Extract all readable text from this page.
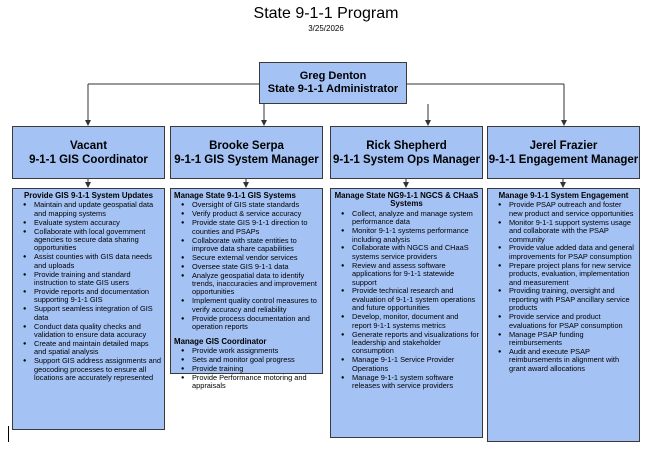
State 9-1-1 Program
3/25/2026
Greg Denton
State 9-1-1 Administrator
Vacant
9-1-1 GIS Coordinator
Brooke Serpa
9-1-1 GIS System Manager
Rick Shepherd
9-1-1 System Ops Manager
Jerel Frazier
9-1-1 Engagement Manager
Provide GIS 9-1-1 System Updates
● Maintain and update geospatial data and mapping systems
● Evaluate system accuracy
● Collaborate with local government agencies to secure data sharing opportunities
● Assist counties with GIS data needs and uploads
● Provide training and standard instruction to state GIS users
● Provide reports and documentation supporting 9-1-1 GIS
● Support seamless integration of GIS data
● Conduct data quality checks and validation to ensure data accuracy
● Create and maintain detailed maps and spatial analysis
● Support GIS address assignments and geocoding processes to ensure all locations are accurately represented
Manage State 9-1-1 GIS Systems
● Oversight of GIS state standards
● Verify product & service accuracy
● Provide state GIS 9-1-1 direction to counties and PSAPs
● Collaborate with state entities to improve data share capabilities
● Secure external vendor services
● Oversee state GIS 9-1-1 data
● Analyze geospatial data to identify trends, inaccuracies and improvement opportunities
● Implement quality control measures to verify accuracy and reliability
● Provide process documentation and operation reports
Manage GIS Coordinator
● Provide work assignments
● Sets and monitor goal progress
● Provide training
● Provide Performance motoring and appraisals
Manage State NG9-1-1 NGCS & CHaaS Systems
● Collect, analyze and manage system performance data
● Monitor 9-1-1 systems performance including analysis
● Collaborate with NGCS and CHaaS systems service providers
● Review and assess software applications for 9-1-1 statewide support
● Provide technical research and evaluation of 9-1-1 system operations and future opportunities
● Develop, monitor, document and report 9-1-1 systems metrics
● Generate reports and visualizations for leadership and stakeholder consumption
● Manage 9-1-1 Service Provider Operations
● Manage 9-1-1 system software releases with service providers
Manage 9-1-1 System Engagement
● Provide PSAP outreach and foster new product and service opportunities
● Monitor 9-1-1 support systems usage and collaborate with the PSAP community
● Provide value added data and general improvements for PSAP consumption
● Prepare project plans for new service products, evaluation, implementation and measurement
● Providing training, oversight and reporting with PSAP ancillary service products
● Provide service and product evaluations for PSAP consumption
● Manage PSAP funding reimbursements
● Audit and execute PSAP reimbursements in alignment with grant award allocations
